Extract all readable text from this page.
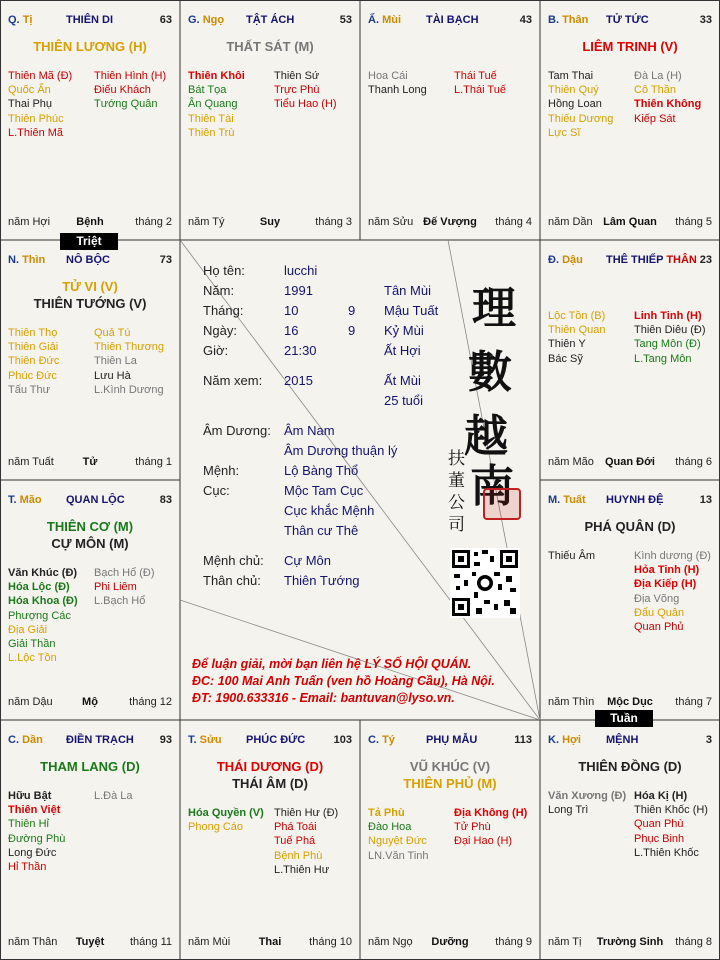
Q. Tị	THIÊN DI	63
THIÊN LƯƠNG (H)
Thiên Mã (Đ)
Quốc Ấn
Thai Phụ
Thiên Phúc
L.Thiên Mã
Thiên Hình (H)
Điếu Khách
Tướng Quân
năm Hợi	Bệnh	tháng 2
G. Ngọ TẬT ÁCH	53
THẤT SÁT (M)
Thiên Khôi
Bát Tọa
Ân Quang
Thiên Tài
Thiên Trù
Thiên Sứ
Trực Phù
Tiểu Hao (H)
năm Tý	Suy	tháng 3
Ấ. Mùi TÀI BẠCH	43
Hoa Cái
Thanh Long
Thái Tuế
L.Thái Tuế
năm Sửu Đế Vượng	tháng 4
B. Thân TỬ TỨC	33
LIÊM TRINH (V)
Tam Thai
Thiên Quý
Hồng Loan
Thiếu Dương
Lực Sĩ
Đà La (H)
Cô Thần
Thiên Không
Kiếp Sát
năm Dần Lâm Quan	tháng 5
N. Thìn NÔ BỘC	73
TỬ VI (V)
THIÊN TƯỚNG (V)
Thiên Thọ
Thiên Giải
Thiên Đức
Phúc Đức
Tấu Thư
Quả Tú
Thiên Thương
Thiên La
Lưu Hà
L.Kình Dương
năm Tuất	Tử	tháng 1
Đ. Dậu THÊ THIẾP THÂN 23
Lộc Tồn (B)
Thiên Quan
Thiên Y
Bác Sỹ
Linh Tinh (H)
Thiên Diêu (Đ)
Tang Môn (Đ)
L.Tang Môn
năm Mão	Quan Đới	tháng 6
T. Mão QUAN LỘC	83
THIÊN CƠ (M)
CỰ MÔN (M)
Văn Khúc (Đ)
Hóa Lộc (Đ)
Hóa Khoa (Đ)
Phượng Các
Địa Giải
Giải Thần
L.Lộc Tồn
Bạch Hổ (Đ)
Phi Liêm
L.Bạch Hổ
năm Dậu	Mộ	tháng 12
M. Tuất HUYNH ĐỆ	13
PHÁ QUÂN (D)
Thiếu Âm	Kình dương (Đ)
Hỏa Tinh (H)
Địa Kiếp (H)
Địa Võng
Đẩu Quân
Quan Phủ
năm Thìn	Mộc Dục	tháng 7
C. Dần ĐIỀN TRẠCH 93
THAM LANG (D)
Hữu Bật
Thiên Việt
Thiên Hỉ
Đường Phù
Long Đức
Hỉ Thần
L.Đà La
năm Thân	Tuyệt	tháng 11
T. Sửu PHÚC ĐỨC	103
THÁI DƯƠNG (D)
THÁI ÂM (D)
Hóa Quyền (V)
Phong Cáo
Thiên Hư (Đ)
Phá Toái
Tuế Phá
Bệnh Phù
L.Thiên Hư
năm Mùi	Thai	tháng 10
C. Tý	PHỤ MẪU	113
VŨ KHÚC (V)
THIÊN PHỦ (M)
Tả Phù
Đào Hoa
Nguyệt Đức
LN.Văn Tinh
Địa Không (H)
Tử Phù
Đại Hao (H)
năm Ngọ	Dưỡng	tháng 9
K. Hợi MỆNH	3
THIÊN ĐỒNG (D)
Văn Xương (Đ)
Long Trì
Hóa Kị (H)
Thiên Khốc (H)
Quan Phù
Phục Binh
L.Thiên Khốc
năm Tị	Trường Sinh	tháng 8
Triệt
Tuần
Họ tên:	lucchi
Năm:	1991	Tân Mùi
Tháng:	10	9 Mậu Tuất
Ngày:	16	9 Kỷ Mùi
Giờ:	21:30	Ất Hợi
Năm xem: 2015	Ất Mùi
25 tuổi
Âm Dương: Âm Nam
Âm Dương thuận lý
Mệnh:	Lộ Bàng Thổ
Cục:	Mộc Tam Cục
Cục khắc Mệnh
Thân cư Thê
Mệnh chủ: Cự Môn
Thân chủ: Thiên Tướng
理
數
越
南
扶
董
公
司
Để luận giải, mời bạn liên hệ LÝ SỐ HỘI QUÁN.
ĐC: 100 Mai Anh Tuấn (ven hồ Hoàng Cầu), Hà Nội.
ĐT: 1900.633316 - Email: bantuvan@lyso.vn.
